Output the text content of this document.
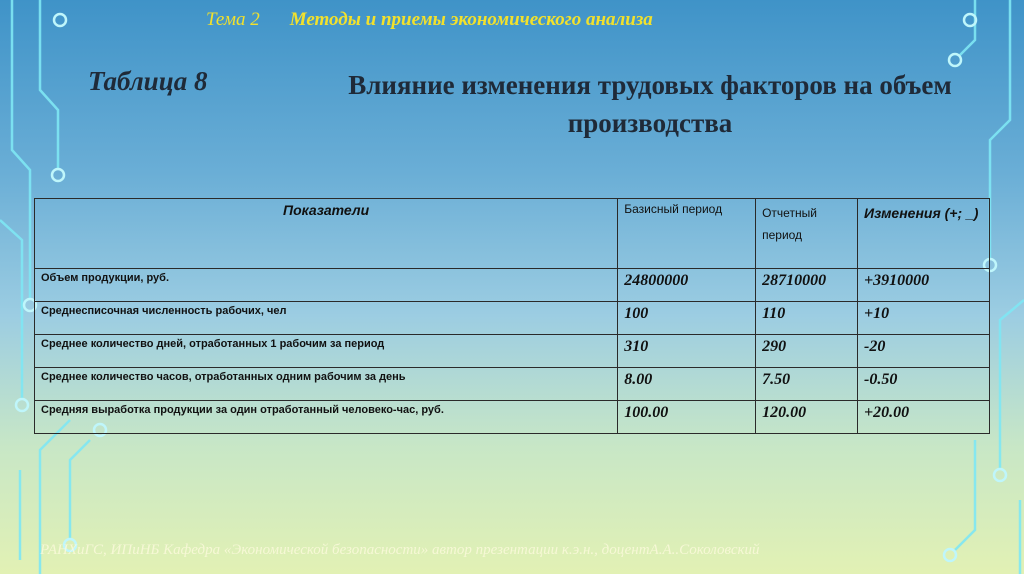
Тема 2 Методы и приемы экономического анализа
Таблица 8	Влияние изменения трудовых факторов на объем производства
Показатели	Базисный период	Отчетный период	Изменения (+; _)
Объем продукции, руб.	24800000	28710000	+3910000
Среднесписочная численность рабочих, чел	100	110	+10
Среднее количество дней, отработанных 1 рабочим за период	310	290	-20
Среднее количество часов, отработанных одним рабочим за день	8.00	7.50	-0.50
Средняя выработка продукции за один отработанный человеко-час, руб.	100.00	120.00	+20.00
РАНХиГС, ИПиНБ Кафедра «Экономической безопасности» автор презентации к.э.н., доцентА.А..Соколовский
